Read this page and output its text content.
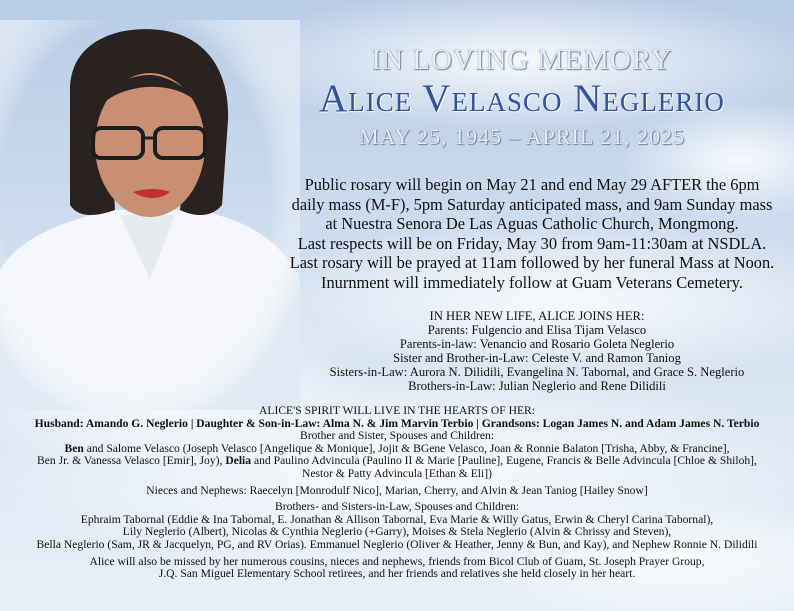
IN LOVING MEMORY
Alice Velasco Neglerio
MAY 25, 1945 – APRIL 21, 2025
Public rosary will begin on May 21 and end May 29 AFTER the 6pm
daily mass (M-F), 5pm Saturday anticipated mass, and 9am Sunday mass
at Nuestra Senora De Las Aguas Catholic Church, Mongmong.
Last respects will be on Friday, May 30 from 9am-11:30am at NSDLA.
Last rosary will be prayed at 11am followed by her funeral Mass at Noon.
Inurnment will immediately follow at Guam Veterans Cemetery.
IN HER NEW LIFE, ALICE JOINS HER:
Parents: Fulgencio and Elisa Tijam Velasco
Parents-in-law: Venancio and Rosario Goleta Neglerio
Sister and Brother-in-Law: Celeste V. and Ramon Taniog
Sisters-in-Law: Aurora N. Dilidili, Evangelina N. Tabornal, and Grace S. Neglerio
Brothers-in-Law: Julian Neglerio and Rene Dilidili
ALICE'S SPIRIT WILL LIVE IN THE HEARTS OF HER:
Husband: Amando G. Neglerio | Daughter & Son-in-Law: Alma N. & Jim Marvin Terbio | Grandsons: Logan James N. and Adam James N. Terbio
Brother and Sister, Spouses and Children:
Ben and Salome Velasco (Joseph Velasco [Angelique & Monique], Jojit & BGene Velasco, Joan & Ronnie Balaton [Trisha, Abby, & Francine],
Ben Jr. & Vanessa Velasco [Emir], Joy), Delia and Paulino Advincula (Paulino II & Marie [Pauline], Eugene, Francis & Belle Advincula [Chloe & Shiloh],
Nestor & Patty Advincula [Ethan & Eli])
Nieces and Nephews: Raecelyn [Monrodulf Nico], Marian, Cherry, and Alvin & Jean Taniog [Hailey Snow]
Brothers- and Sisters-in-Law, Spouses and Children:
Ephraim Tabornal (Eddie & Ina Tabornal, E. Jonathan & Allison Tabornal, Eva Marie & Willy Gatus, Erwin & Cheryl Carina Tabornal),
Lily Neglerio (Albert), Nicolas & Cynthia Neglerio (+Garry), Moises & Stela Neglerio (Alvin & Chrissy and Steven),
Bella Neglerio (Sam, JR & Jacquelyn, PG, and RV Orias). Emmanuel Neglerio (Oliver & Heather, Jenny & Bun, and Kay), and Nephew Ronnie N. Dilidili
Alice will also be missed by her numerous cousins, nieces and nephews, friends from Bicol Club of Guam, St. Joseph Prayer Group,
J.Q. San Miguel Elementary School retirees, and her friends and relatives she held closely in her heart.
